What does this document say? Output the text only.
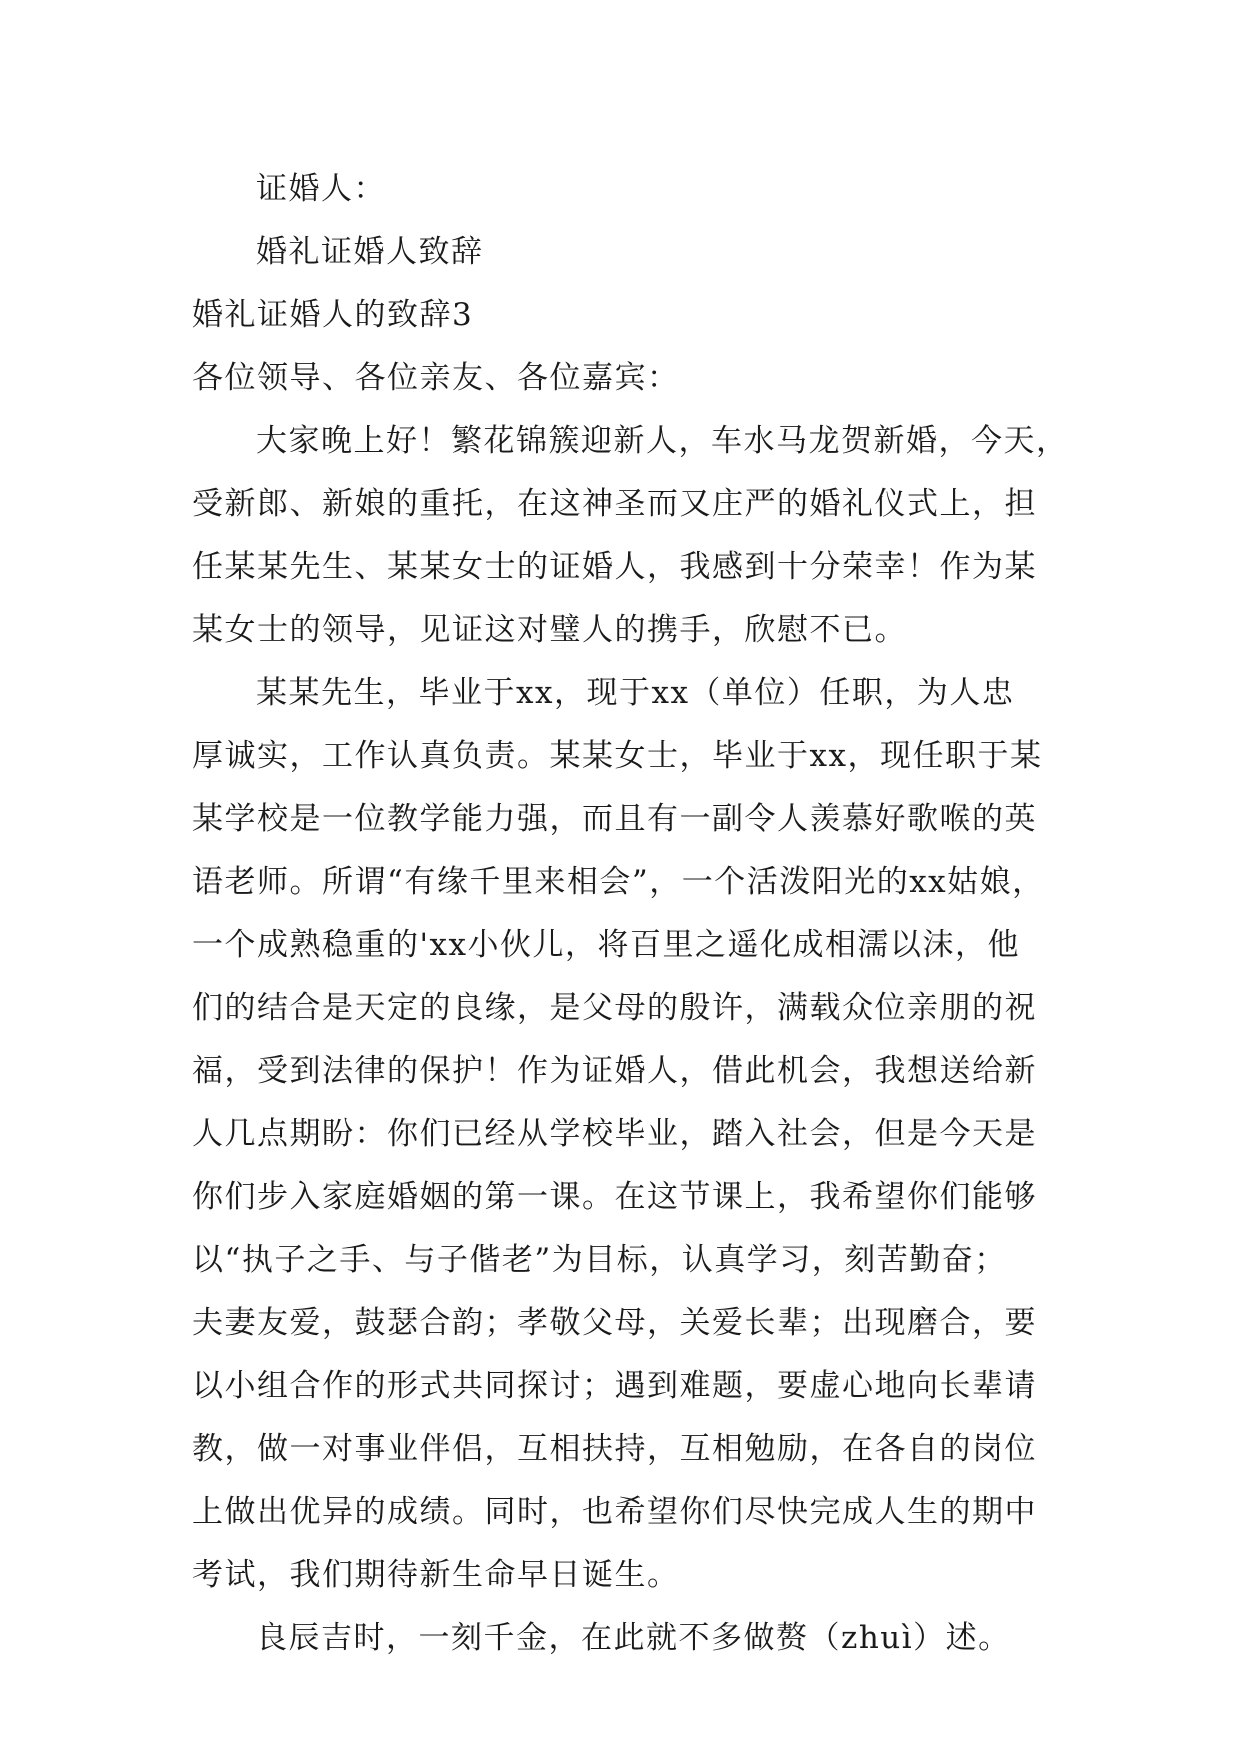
证婚人：
婚礼证婚人致辞
婚礼证婚人的致辞3
各位领导、各位亲友、各位嘉宾：
大家晚上好！繁花锦簇迎新人，车水马龙贺新婚，今天，
受新郎、新娘的重托，在这神圣而又庄严的婚礼仪式上，担
任某某先生、某某女士的证婚人，我感到十分荣幸！作为某
某女士的领导，见证这对璧人的携手，欣慰不已。
某某先生，毕业于xx，现于xx（单位）任职，为人忠
厚诚实，工作认真负责。某某女士，毕业于xx，现任职于某
某学校是一位教学能力强，而且有一副令人羡慕好歌喉的英
语老师。所谓“有缘千里来相会”，一个活泼阳光的xx姑娘，
一个成熟稳重的'xx小伙儿，将百里之遥化成相濡以沫，他
们的结合是天定的良缘，是父母的殷许，满载众位亲朋的祝
福，受到法律的保护！作为证婚人，借此机会，我想送给新
人几点期盼：你们已经从学校毕业，踏入社会，但是今天是
你们步入家庭婚姻的第一课。在这节课上，我希望你们能够
以“执子之手、与子偕老”为目标，认真学习，刻苦勤奋；
夫妻友爱，鼓瑟合韵；孝敬父母，关爱长辈；出现磨合，要
以小组合作的形式共同探讨；遇到难题，要虚心地向长辈请
教，做一对事业伴侣，互相扶持，互相勉励，在各自的岗位
上做出优异的成绩。同时，也希望你们尽快完成人生的期中
考试，我们期待新生命早日诞生。
良辰吉时，一刻千金，在此就不多做赘（zhuì）述。
